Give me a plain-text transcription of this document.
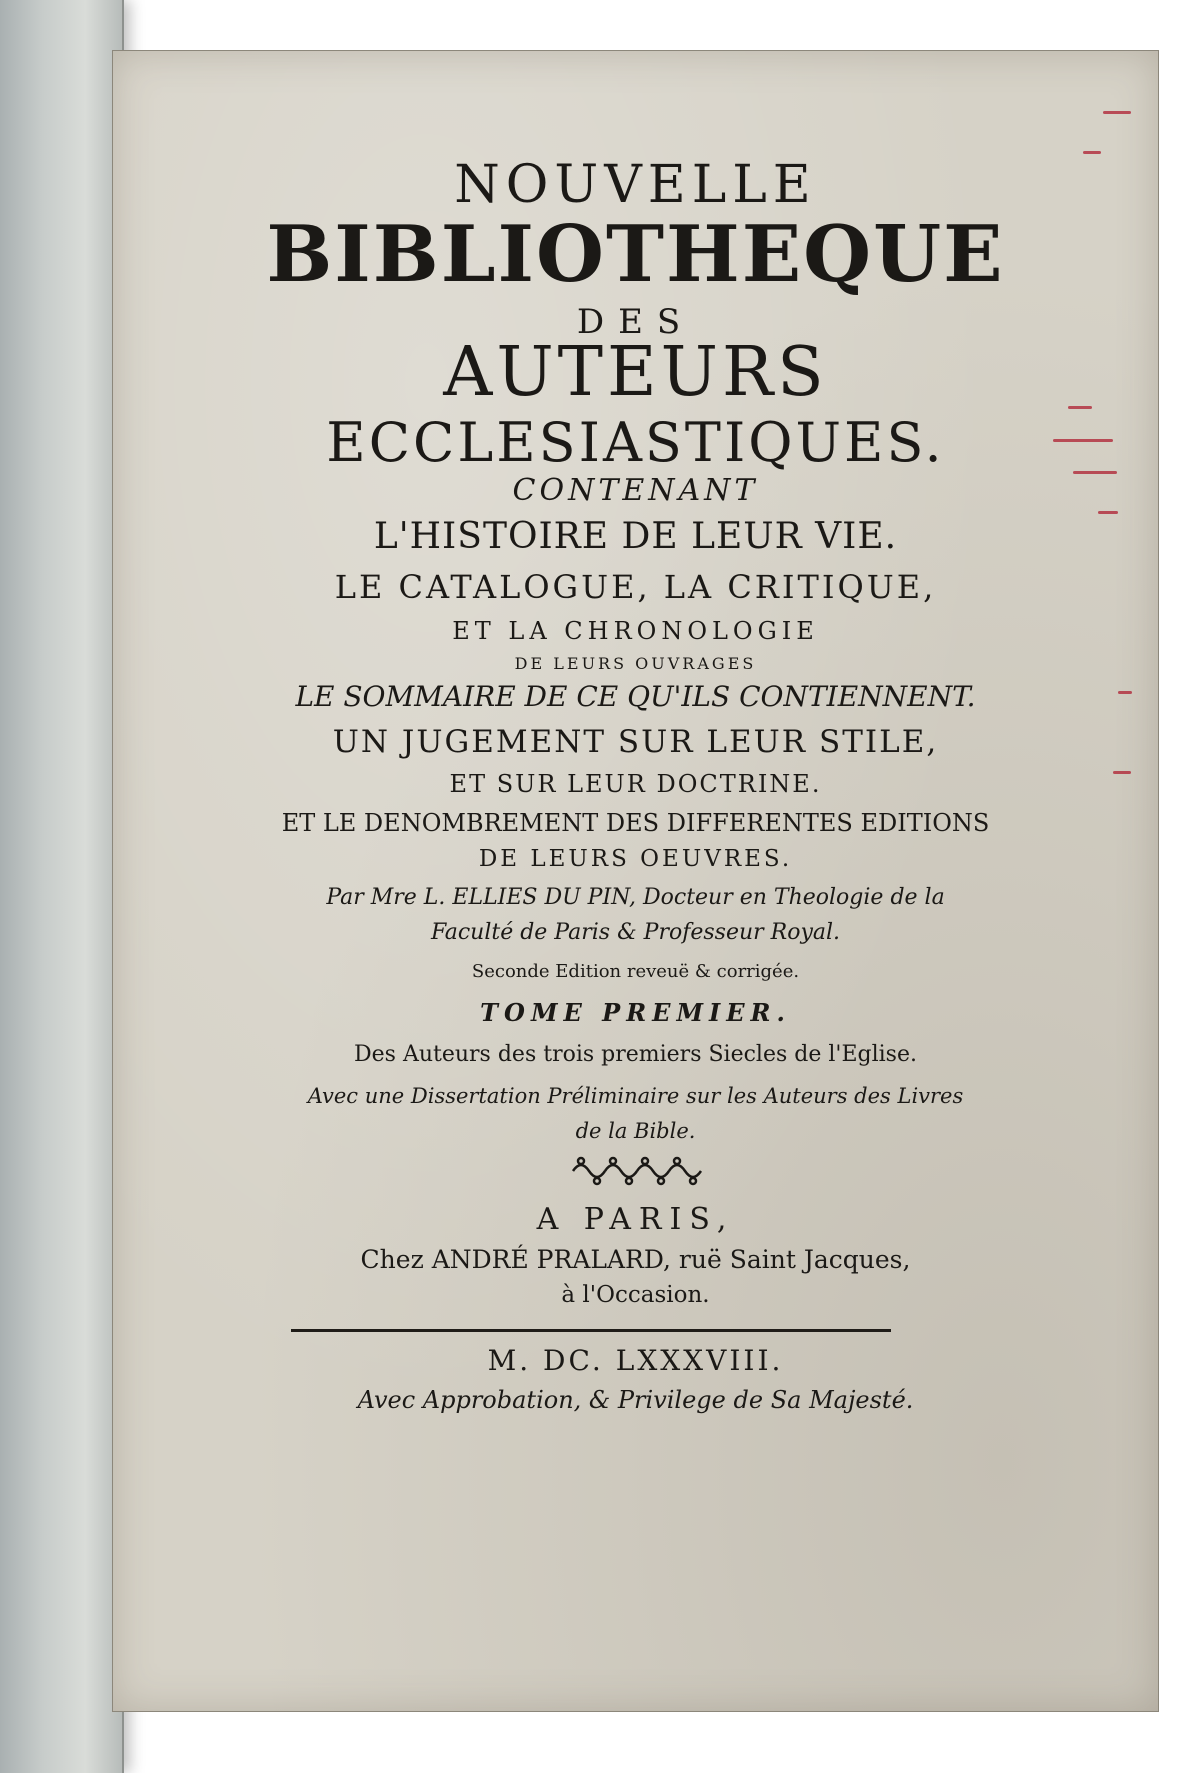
NOUVELLE
BIBLIOTHEQUE
DES
AUTEURS
ECCLESIASTIQUES.
CONTENANT
L'HISTOIRE DE LEUR VIE.
LE CATALOGUE, LA CRITIQUE,
ET LA CHRONOLOGIE
DE LEURS OUVRAGES
LE SOMMAIRE DE CE QU'ILS CONTIENNENT.
UN JUGEMENT SUR LEUR STILE,
ET SUR LEUR DOCTRINE.
ET LE DENOMBREMENT DES DIFFERENTES EDITIONS
DE LEURS OEUVRES.
Par Mre L. ELLIES DU PIN, Docteur en Theologie de la
Faculté de Paris & Professeur Royal.
Seconde Edition reveuë & corrigée.
TOME PREMIER.
Des Auteurs des trois premiers Siecles de l'Eglise.
Avec une Dissertation Préliminaire sur les Auteurs des Livres
de la Bible.
A PARIS,
Chez ANDRÉ PRALARD, ruë Saint Jacques,
à l'Occasion.
M. DC. LXXXVIII.
Avec Approbation, & Privilege de Sa Majesté.
